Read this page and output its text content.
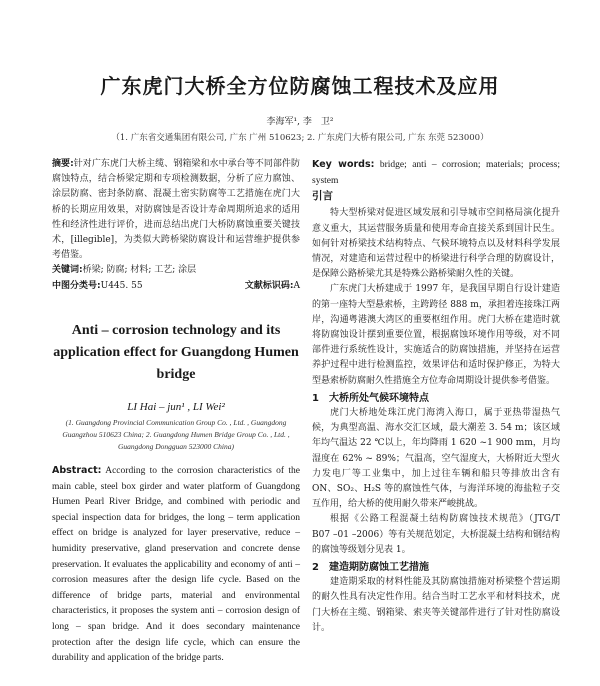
广东虎门大桥全方位防腐蚀工程技术及应用
李海军¹, 李　卫²
（1. 广东省交通集团有限公司, 广东 广州 510623; 2. 广东虎门大桥有限公司, 广东 东莞 523000）

摘要:针对广东虎门大桥主缆、钢箱梁和水中承台等不同部件防腐蚀特点，结合桥梁定期和专项检测数据，分析了应力腐蚀、涂层防腐、密封条防腐、混凝土密实防腐等工艺措施在虎门大桥的长期应用效果，对防腐蚀是否设计寿命周期所追求的适用性和经济性进行评价，进而总结出虎门大桥防腐蚀重要关键技术，[illegible]，为类似大跨桥梁防腐设计和运营维护提供参考借鉴。

关键词:桥梁; 防腐; 材料; 工艺; 涂层

中图分类号:U445. 55	文献标识码:A
Anti – corrosion technology and its application effect for Guangdong Humen bridge
LI Hai – jun¹ , LI Wei²
(1. Guangdong Provincial Communication Group Co. , Ltd. , Guangdong Guangzhou 510623 China; 2. Guangdong Humen Bridge Group Co. , Ltd. , Guangdong Dongguan 523000 China)

Abstract: According to the corrosion characteristics of the main cable, steel box girder and water platform of Guangdong Humen Pearl River Bridge, and combined with periodic and special inspection data for bridges, the long – term application effect on bridge is analyzed for layer preservative, reduce – humidity preservative, gland preservation and concrete dense preservation. It evaluates the applicability and economy of anti – corrosion measures after the design life cycle. Based on the difference of bridge parts, material and environmental characteristics, it proposes the system anti – corrosion design of long – span bridge. And it does secondary maintenance protection after the design life cycle, which can ensure the durability and application of the bridge parts.

Key words: bridge; anti – corrosion; materials; process; system

引言

特大型桥梁对促进区域发展和引导城市空间格局演化提升意义重大，其运营服务质量和使用寿命直接关系到国计民生。如何针对桥梁技术结构特点、气候环境特点以及材料科学发展情况，对建造和运营过程中的桥梁进行科学合理的防腐设计，是保障公路桥梁尤其是特殊公路桥梁耐久性的关键。

广东虎门大桥建成于 1997 年，是我国早期自行设计建造的第一座特大型悬索桥，主跨跨径 888 m，承担着连接珠江两岸，沟通粤港澳大湾区的重要枢纽作用。虎门大桥在建造时就将防腐蚀设计摆到重要位置，根据腐蚀环境作用等级，对不同部件进行系统性设计，实施适合的防腐蚀措施，并坚持在运营养护过程中进行检测监控，效果评估和适时保护修正，为特大型悬索桥防腐耐久性措施全方位寿命周期设计提供参考借鉴。

1 大桥所处气候环境特点

虎门大桥地处珠江虎门海湾入海口，属于亚热带湿热气候，为典型高温、海水交汇区域，最大潮差 3. 54 m；该区域年均气温达 22 ℃以上，年均降雨 1 620 ~1 900 mm，月均湿度在 62% ~ 89%；气温高，空气湿度大，大桥附近大型火力发电厂等工业集中，加上过往车辆和船只等排放出含有 ON、SO₂、H₂S 等的腐蚀性气体，与海洋环境的海盐粒子交互作用，给大桥的使用耐久带来严峻挑战。

根据《公路工程混凝土结构防腐蚀技术规范》（JTG/T B07 –01 –2006）等有关规范划定，大桥混凝土结构和钢结构的腐蚀等级划分见表 1。

2 建造期防腐蚀工艺措施

建造期采取的材料性能及其防腐蚀措施对桥梁整个营运期的耐久性具有决定性作用。结合当时工艺水平和材料技术，虎门大桥在主缆、钢箱梁、索夹等关键部件进行了针对性防腐设计。
